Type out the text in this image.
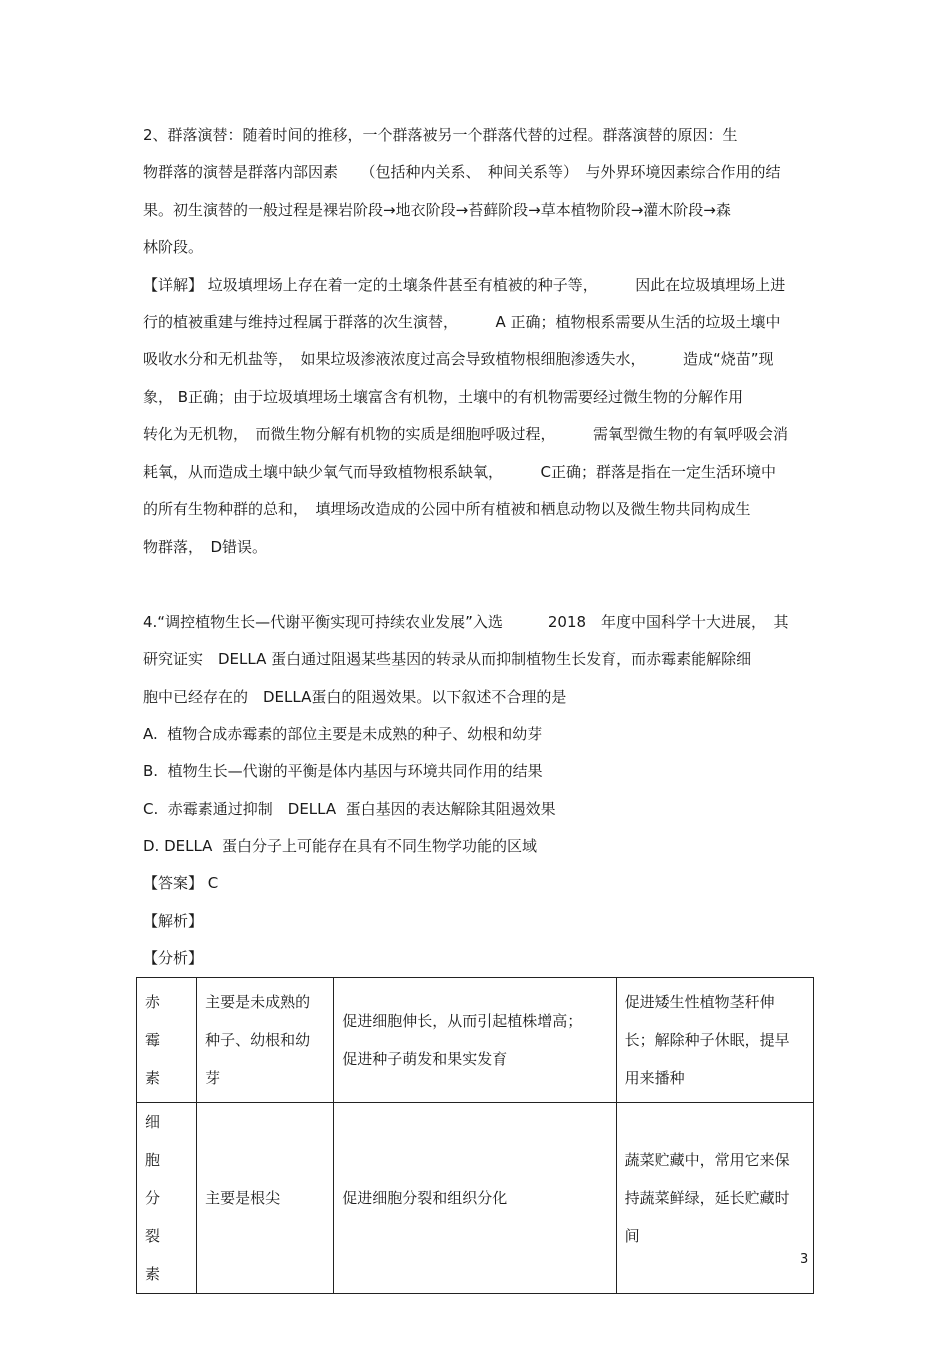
2、群落演替：随着时间的推移，一个群落被另一个群落代替的过程。群落演替的原因：生
物群落的演替是群落内部因素　　（包括种内关系、　种间关系等）　与外界环境因素综合作用的结
果。初生演替的一般过程是裸岩阶段→地衣阶段→苔藓阶段→草本植物阶段→灌木阶段→森
林阶段。
【详解】 垃圾填埋场上存在着一定的土壤条件甚至有植被的种子等，　　　因此在垃圾填埋场上进
行的植被重建与维持过程属于群落的次生演替，　　　A 正确；植物根系需要从生活的垃圾土壤中
吸收水分和无机盐等，　如果垃圾渗液浓度过高会导致植物根细胞渗透失水，　　　造成“烧苗”现
象， B正确；由于垃圾填埋场土壤富含有机物，土壤中的有机物需要经过微生物的分解作用
转化为无机物，　而微生物分解有机物的实质是细胞呼吸过程，　　　需氧型微生物的有氧呼吸会消
耗氧，从而造成土壤中缺少氧气而导致植物根系缺氧，　　　C正确；群落是指在一定生活环境中
的所有生物种群的总和，　填埋场改造成的公园中所有植被和栖息动物以及微生物共同构成生
物群落，　D错误。
4.“调控植物生长—代谢平衡实现可持续农业发展”入选　　　2018　年度中国科学十大进展，　其
研究证实　DELLA 蛋白通过阻遏某些基因的转录从而抑制植物生长发育，而赤霉素能解除细
胞中已经存在的　DELLA蛋白的阻遏效果。以下叙述不合理的是
A.  植物合成赤霉素的部位主要是未成熟的种子、幼根和幼芽
B.  植物生长—代谢的平衡是体内基因与环境共同作用的结果
C.  赤霉素通过抑制　DELLA  蛋白基因的表达解除其阻遏效果
D. DELLA  蛋白分子上可能存在具有不同生物学功能的区域
【答案】 C
【解析】
【分析】
赤　霉
素	主要是未成熟的
种子、幼根和幼
芽	促进细胞伸长，从而引起植株增高；
促进种子萌发和果实发育	促进矮生性植物茎秆伸
长；解除种子休眠，提早
用来播种

细　胞
分　裂
素	主要是根尖	促进细胞分裂和组织分化	蔬菜贮藏中，常用它来保
持蔬菜鲜绿，延长贮藏时
间
3
